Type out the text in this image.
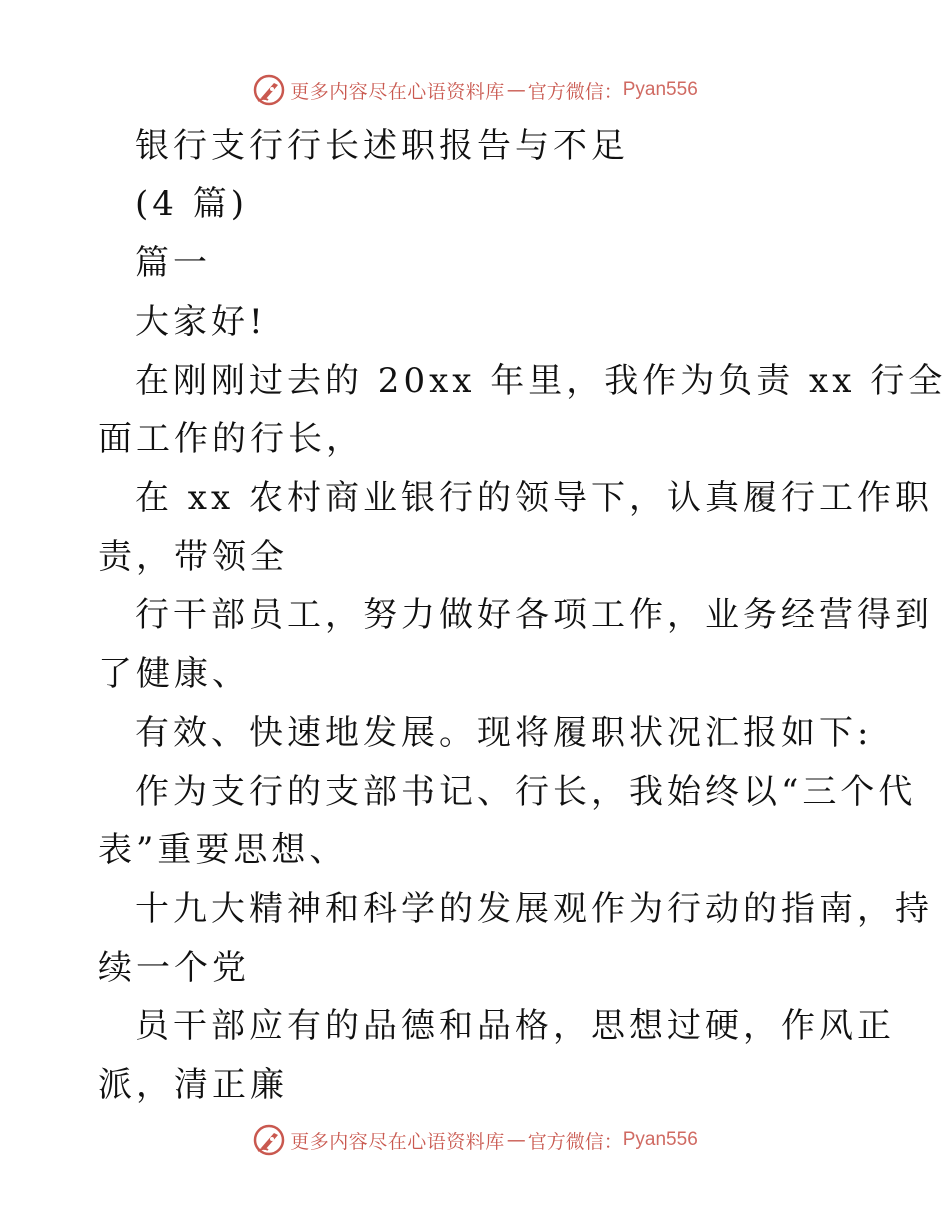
更多内容尽在心语资料库 — 官方微信： Pyan556
银行支行行长述职报告与不足
(4 篇)
篇一
大家好!
在刚刚过去的 20xx 年里，我作为负责 xx 行全
面工作的行长，
在 xx 农村商业银行的领导下，认真履行工作职
责，带领全
行干部员工，努力做好各项工作，业务经营得到
了健康、
有效、快速地发展。现将履职状况汇报如下:
作为支行的支部书记、行长，我始终以“三个代
表”重要思想、
十九大精神和科学的发展观作为行动的指南，持
续一个党
员干部应有的品德和品格，思想过硬，作风正
派，清正廉
更多内容尽在心语资料库 — 官方微信： Pyan556
